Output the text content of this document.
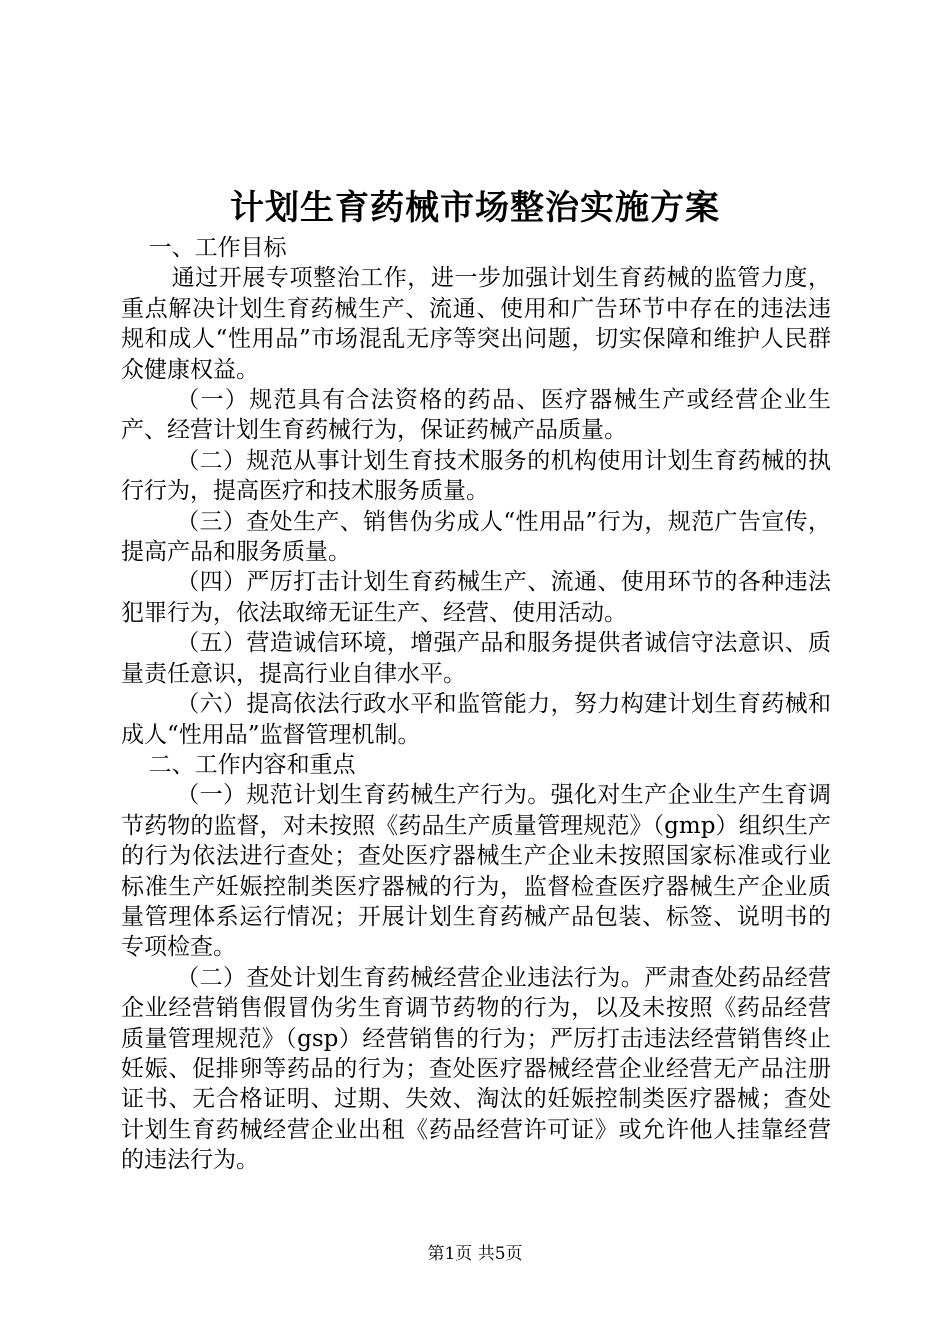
计划生育药械市场整治实施方案

一、工作目标

通过开展专项整治工作，进一步加强计划生育药械的监管力度，重点解决计划生育药械生产、流通、使用和广告环节中存在的违法违规和成人“性用品”市场混乱无序等突出问题，切实保障和维护人民群众健康权益。

（一）规范具有合法资格的药品、医疗器械生产或经营企业生产、经营计划生育药械行为，保证药械产品质量。

（二）规范从事计划生育技术服务的机构使用计划生育药械的执行行为，提高医疗和技术服务质量。

（三）查处生产、销售伪劣成人“性用品”行为，规范广告宣传，提高产品和服务质量。

（四）严厉打击计划生育药械生产、流通、使用环节的各种违法犯罪行为，依法取缔无证生产、经营、使用活动。

（五）营造诚信环境，增强产品和服务提供者诚信守法意识、质量责任意识，提高行业自律水平。

（六）提高依法行政水平和监管能力，努力构建计划生育药械和成人“性用品”监督管理机制。

二、工作内容和重点

（一）规范计划生育药械生产行为。强化对生产企业生产生育调节药物的监督，对未按照《药品生产质量管理规范》（gmp）组织生产的行为依法进行查处；查处医疗器械生产企业未按照国家标准或行业标准生产妊娠控制类医疗器械的行为，监督检查医疗器械生产企业质量管理体系运行情况；开展计划生育药械产品包装、标签、说明书的专项检查。

（二）查处计划生育药械经营企业违法行为。严肃查处药品经营企业经营销售假冒伪劣生育调节药物的行为，以及未按照《药品经营质量管理规范》（gsp）经营销售的行为；严厉打击违法经营销售终止妊娠、促排卵等药品的行为；查处医疗器械经营企业经营无产品注册证书、无合格证明、过期、失效、淘汰的妊娠控制类医疗器械；查处计划生育药械经营企业出租《药品经营许可证》或允许他人挂靠经营的违法行为。

第1页 共5页
